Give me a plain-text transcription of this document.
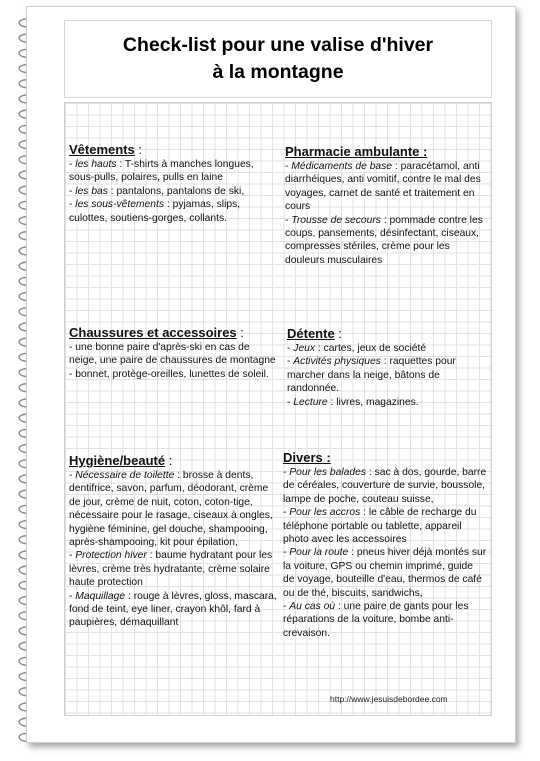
Check-list pour une valise d'hiver
à la montagne
Vêtements :

- les hauts : T-shirts à manches longues, sous-pulls, polaires, pulls en laine

- les bas : pantalons, pantalons de ski,

- les sous-vêtements : pyjamas, slips, culottes, soutiens-gorges, collants.

Pharmacie ambulante :

- Médicaments de base : paracétamol, anti diarrhéiques, anti vomitif, contre le mal des voyages, carnet de santé et traitement en cours

- Trousse de secours : pommade contre les coups, pansements, désinfectant, ciseaux, compresses stériles, crème pour les douleurs musculaires

Chaussures et accessoires :

- une bonne paire d'après-ski en cas de neige, une paire de chaussures de montagne

- bonnet, protège-oreilles, lunettes de soleil.

Détente :

- Jeux : cartes, jeux de société

- Activités physiques : raquettes pour marcher dans la neige, bâtons de randonnée.

- Lecture : livres, magazines.

Hygiène/beauté :

- Nécessaire de toilette : brosse à dents, dentifrice, savon, parfum, déodorant, crème de jour, crème de nuit, coton, coton-tige, nécessaire pour le rasage, ciseaux à ongles, hygiène féminine, gel douche, shampooing, après-shampooing, kit pour épilation,

- Protection hiver : baume hydratant pour les lèvres, crème très hydratante, crème solaire haute protection

- Maquillage : rouge à lèvres, gloss, mascara, fond de teint, eye liner, crayon khôl, fard à paupières, démaquillant

Divers :

- Pour les balades : sac à dos, gourde, barre de céréales, couverture de survie, boussole, lampe de poche, couteau suisse,

- Pour les accros : le câble de recharge du téléphone portable ou tablette, appareil photo avec les accessoires

- Pour la route : pneus hiver déjà montés sur la voiture, GPS ou chemin imprimé, guide de voyage, bouteille d'eau, thermos de café ou de thé, biscuits, sandwichs,

- Au cas où : une paire de gants pour les réparations de la voiture, bombe anti-crevaison.

http://www.jesuisdebordee.com
